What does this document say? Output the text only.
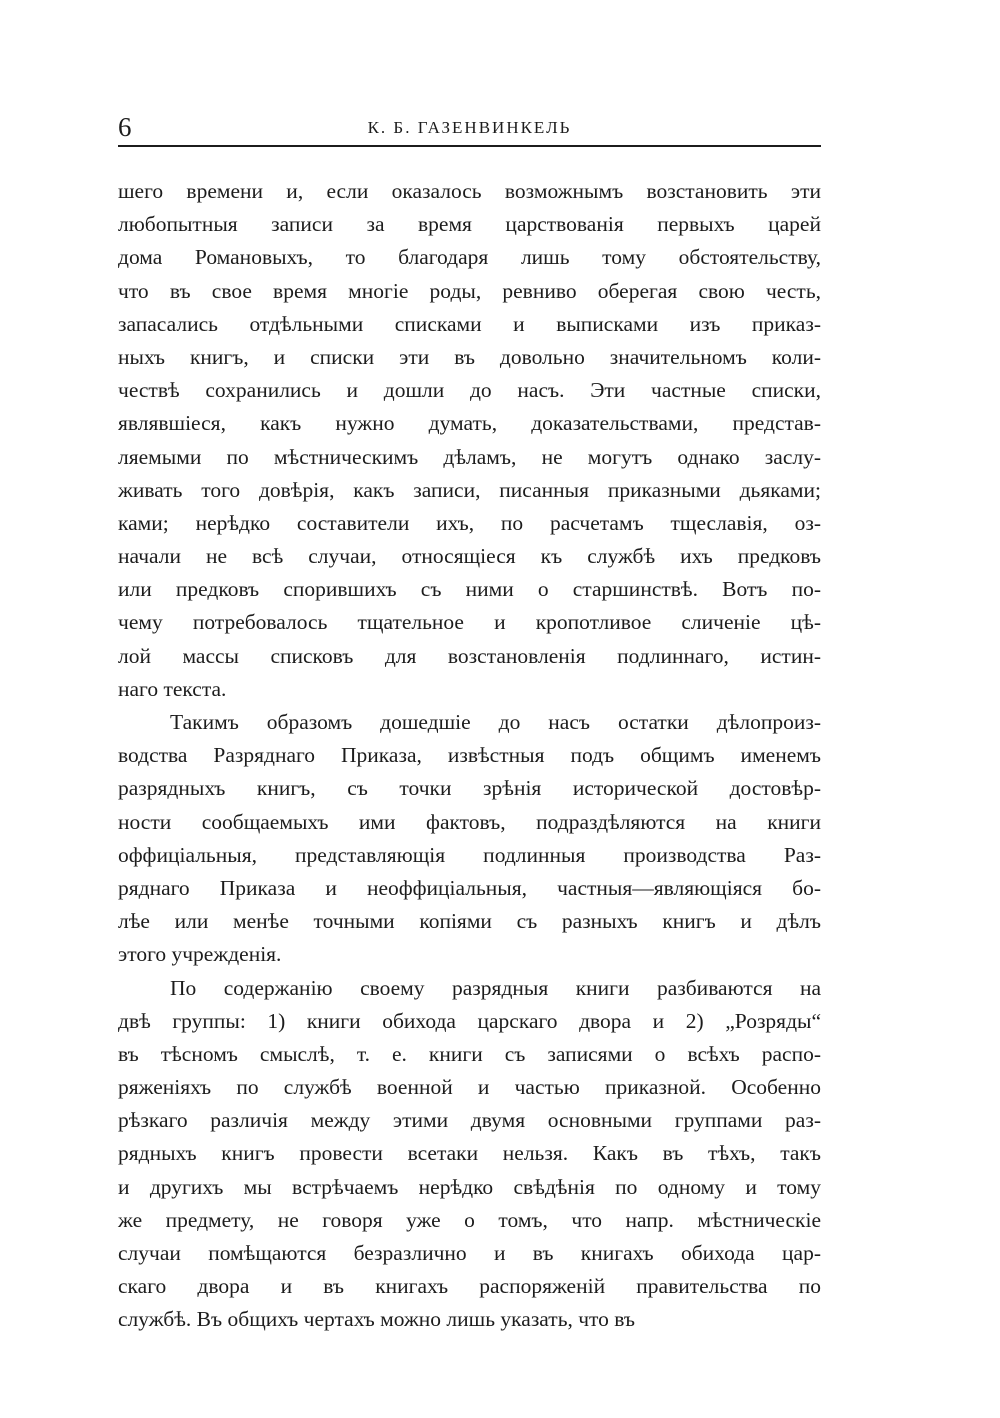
6	К. Б. ГАЗЕНВИНКЕЛЬ
шего времени и, если оказалось возможнымъ возстановить эти
любопытныя записи за время царствованія первыхъ царей
дома Романовыхъ, то благодаря лишь тому обстоятельству,
что въ свое время многіе роды, ревниво оберегая свою честь,
запасались отдѣльными списками и выписками изъ приказ-
ныхъ книгъ, и списки эти въ довольно значительномъ коли-
чествѣ сохранились и дошли до насъ. Эти частные списки,
являвшіеся, какъ нужно думать, доказательствами, представ-
ляемыми по мѣстническимъ дѣламъ, не могутъ однако заслу-
живать того довѣрія, какъ записи, писанныя приказными дьяками;
ками; нерѣдко составители ихъ, по расчетамъ тщеславія, оз-
начали не всѣ случаи, относящіеся къ службѣ ихъ предковъ
или предковъ спорившихъ съ ними о старшинствѣ. Вотъ по-
чему потребовалось тщательное и кропотливое сличеніе цѣ-
лой массы списковъ для возстановленія подлиннаго, истин-
наго текста.
Такимъ образомъ дошедшіе до насъ остатки дѣлопроиз-
водства Разряднаго Приказа, извѣстныя подъ общимъ именемъ
разрядныхъ книгъ, съ точки зрѣнія исторической достовѣр-
ности сообщаемыхъ ими фактовъ, подраздѣляются на книги
оффиціальныя, представляющія подлинныя производства Раз-
ряднаго Приказа и неоффиціальныя, частныя—являющіяся бо-
лѣе или менѣе точными копіями съ разныхъ книгъ и дѣлъ
этого учрежденія.
По содержанію своему разрядныя книги разбиваются на
двѣ группы: 1) книги обихода царскаго двора и 2) „Розряды“
въ тѣсномъ смыслѣ, т. е. книги съ записями о всѣхъ распо-
ряженіяхъ по службѣ военной и частью приказной. Особенно
рѣзкаго различія между этими двумя основными группами раз-
рядныхъ книгъ провести всетаки нельзя. Какъ въ тѣхъ, такъ
и другихъ мы встрѣчаемъ нерѣдко свѣдѣнія по одному и тому
же предмету, не говоря уже о томъ, что напр. мѣстническіе
случаи помѣщаются безразлично и въ книгахъ обихода цар-
скаго двора и въ книгахъ распоряженій правительства по
службѣ. Въ общихъ чертахъ можно лишь указать, что въ
